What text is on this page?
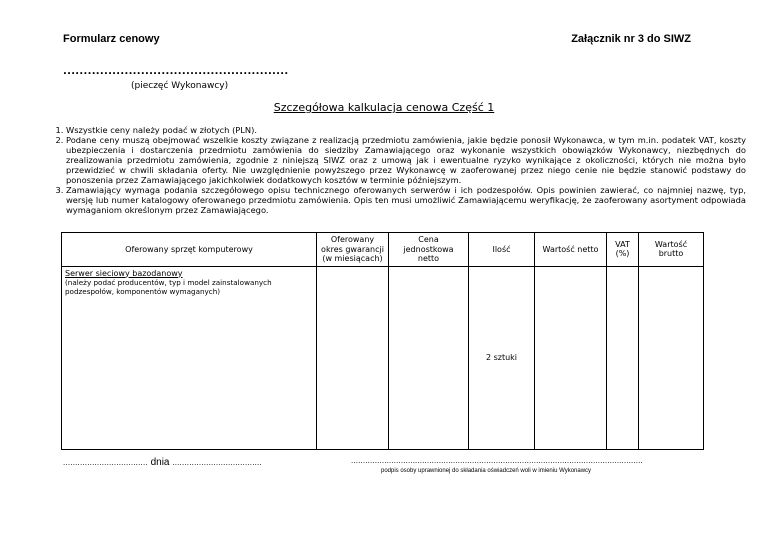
Formularz cenowy	Załącznik nr 3 do SIWZ
.......................................................
(pieczęć Wykonawcy)
Szczegółowa kalkulacja cenowa Część 1
1. Wszystkie ceny należy podać w złotych (PLN).
2. Podane ceny muszą obejmować wszelkie koszty związane z realizacją przedmiotu zamówienia, jakie będzie ponosił Wykonawca, w tym m.in. podatek VAT, koszty ubezpieczenia i dostarczenia przedmiotu zamówienia do siedziby Zamawiającego oraz wykonanie wszystkich obowiązków Wykonawcy, niezbędnych do zrealizowania przedmiotu zamówienia, zgodnie z niniejszą SIWZ oraz z umową jak i ewentualne ryzyko wynikające z okoliczności, których nie można było przewidzieć w chwili składania oferty. Nie uwzględnienie powyższego przez Wykonawcę w zaoferowanej przez niego cenie nie będzie stanowić podstawy do ponoszenia przez Zamawiającego jakichkolwiek dodatkowych kosztów w terminie późniejszym.
3. Zamawiający wymaga podania szczegółowego opisu technicznego oferowanych serwerów i ich podzespołów. Opis powinien zawierać, co najmniej nazwę, typ, wersję lub numer katalogowy oferowanego przedmiotu zamówienia. Opis ten musi umożliwić Zamawiającemu weryfikację, że zaoferowany asortyment odpowiada wymaganiom określonym przez Zamawiającego.
Oferowany sprzęt komputerowy	Oferowany okres gwarancji (w miesiącach)	Cena jednostkowa netto	Ilość	Wartość netto	VAT (%)	Wartość brutto

Serwer sieciowy bazodanowy
(należy podać producentów, typ i model zainstalowanych podzespołów, komponentów wymaganych)			2 sztuki			
................................... dnia .....................................	...........................................................................................................................
podpis osoby uprawnionej do składania oświadczeń woli w imieniu Wykonawcy
